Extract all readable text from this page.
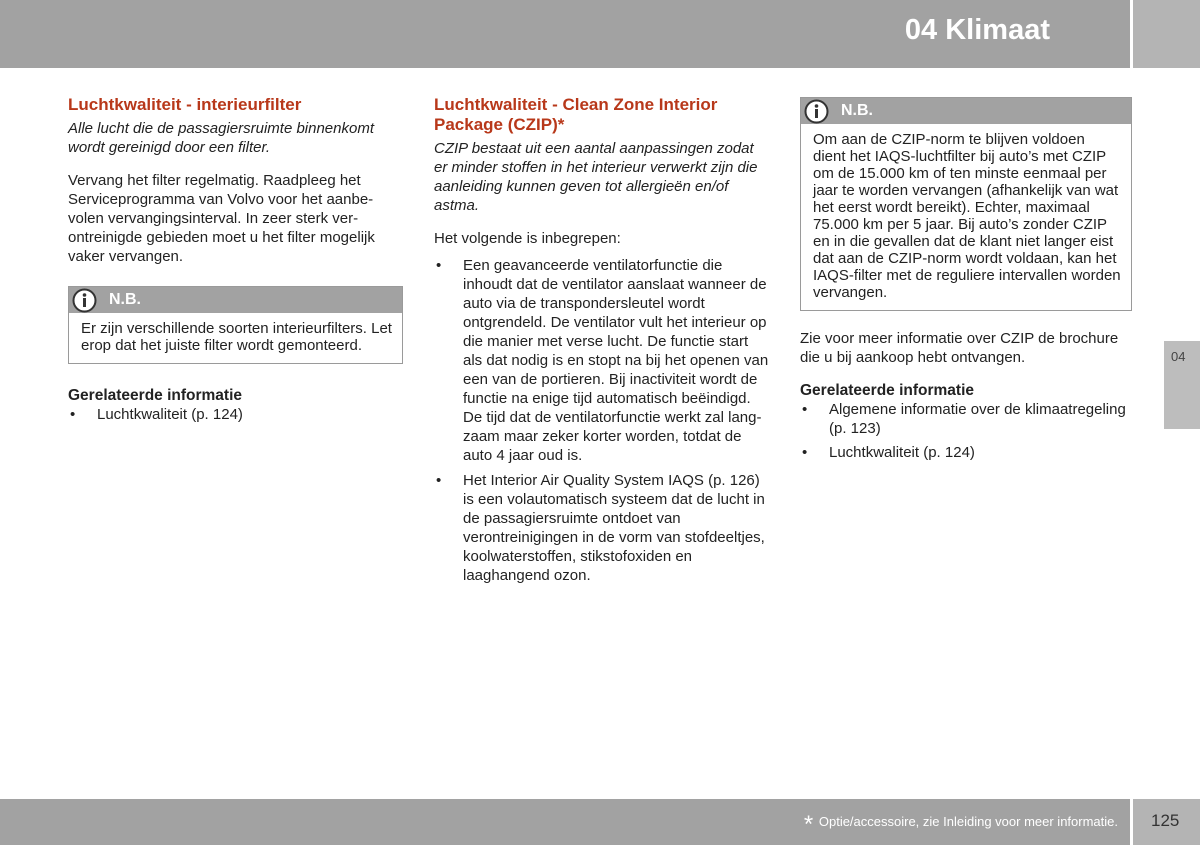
04 Klimaat
04
Luchtkwaliteit - interieurfilter
Alle lucht die de passagiersruimte binnenkomt wordt gereinigd door een filter.

Vervang het filter regelmatig. Raadpleeg het Serviceprogramma van Volvo voor het aanbevolen vervangingsinterval. In zeer sterk verontreinigde gebieden moet u het filter mogelijk vaker vervangen.

N.B.
Er zijn verschillende soorten interieurfilters. Let erop dat het juiste filter wordt gemonteerd.
Gerelateerde informatie
• Luchtkwaliteit (p. 124)
Luchtkwaliteit - Clean Zone Interior Package (CZIP)*
CZIP bestaat uit een aantal aanpassingen zodat er minder stoffen in het interieur verwerkt zijn die aanleiding kunnen geven tot allergieën en/of astma.

Het volgende is inbegrepen:

• Een geavanceerde ventilatorfunctie die inhoudt dat de ventilator aanslaat wanneer de auto via de transpondersleutel wordt ontgrendeld. De ventilator vult het interieur op die manier met verse lucht. De functie start als dat nodig is en stopt na bij het openen van een van de portieren. Bij inactiviteit wordt de functie na enige tijd automatisch beëindigd. De tijd dat de ventilatorfunctie werkt zal langzaam maar zeker korter worden, totdat de auto 4 jaar oud is.
• Het Interior Air Quality System IAQS (p. 126) is een volautomatisch systeem dat de lucht in de passagiersruimte ontdoet van verontreinigingen in de vorm van stofdeeltjes, koolwaterstoffen, stikstofoxiden en laaghangend ozon.
N.B.
Om aan de CZIP-norm te blijven voldoen dient het IAQS-luchtfilter bij auto’s met CZIP om de 15.000 km of ten minste eenmaal per jaar te worden vervangen (afhankelijk van wat het eerst wordt bereikt). Echter, maximaal 75.000 km per 5 jaar. Bij auto’s zonder CZIP en in die gevallen dat de klant niet langer eist dat aan de CZIP-norm wordt voldaan, kan het IAQS-filter met de reguliere intervallen worden vervangen.

Zie voor meer informatie over CZIP de brochure die u bij aankoop hebt ontvangen.

Gerelateerde informatie
• Algemene informatie over de klimaatregeling (p. 123)
• Luchtkwaliteit (p. 124)
* Optie/accessoire, zie Inleiding voor meer informatie. 125
